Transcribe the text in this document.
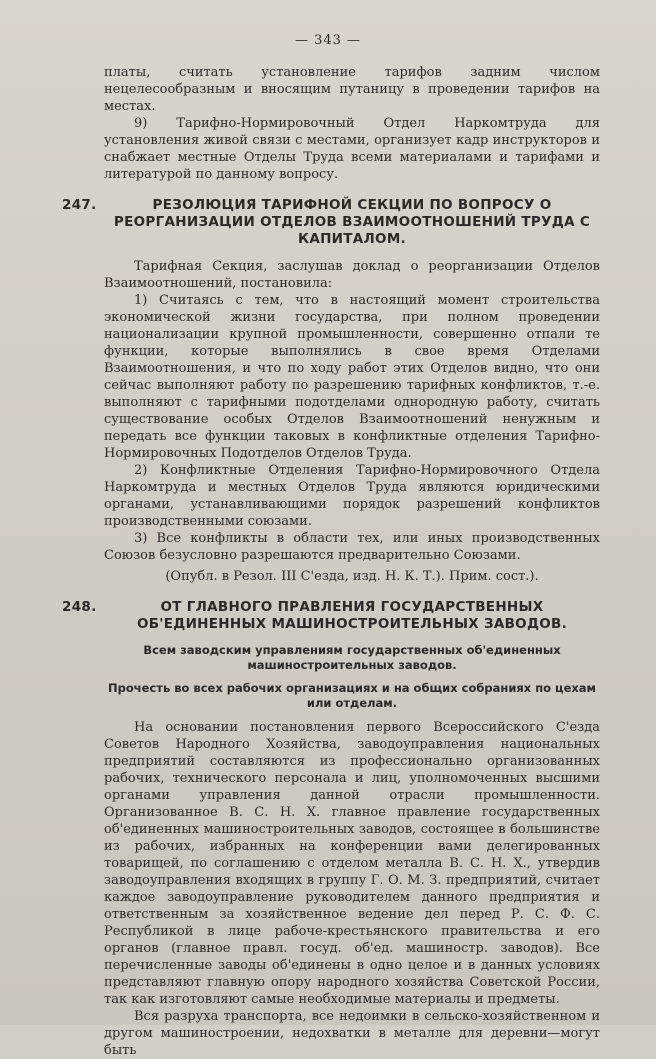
— 343 —

платы, считать установление тарифов задним числом нецелесообразным и вносящим путаницу в проведении тарифов на местах.

9) Тарифно-Нормировочный Отдел Наркомтруда для установления живой связи с местами, организует кадр инструкторов и снабжает местные Отделы Труда всеми материалами и тарифами и литературой по данному вопросу.

247.	РЕЗОЛЮЦИЯ ТАРИФНОЙ СЕКЦИИ ПО ВОПРОСУ О РЕОРГАНИЗАЦИИ ОТДЕЛОВ ВЗАИМООТНОШЕНИЙ ТРУДА С КАПИТАЛОМ.

Тарифная Секция, заслушав доклад о реорганизации Отделов Взаимоотношений, постановила:

1) Считаясь с тем, что в настоящий момент строительства экономической жизни государства, при полном проведении национализации крупной промышленности, совершенно отпали те функции, которые выполнялись в свое время Отделами Взаимоотношения, и что по ходу работ этих Отделов видно, что они сейчас выполняют работу по разрешению тарифных конфликтов, т.-е. выполняют с тарифными подотделами однородную работу, считать существование особых Отделов Взаимоотношений ненужным и передать все функции таковых в конфликтные отделения Тарифно-Нормировочных Подотделов Отделов Труда.

2) Конфликтные Отделения Тарифно-Нормировочного Отдела Наркомтруда и местных Отделов Труда являются юридическими органами, устанавливающими порядок разрешений конфликтов производственными союзами.

3) Все конфликты в области тех, или иных производственных Союзов безусловно разрешаются предварительно Союзами.

(Опубл. в Резол. III С'езда, изд. Н. К. Т.). Прим. сост.).

248.	ОТ ГЛАВНОГО ПРАВЛЕНИЯ ГОСУДАРСТВЕННЫХ ОБ'ЕДИНЕННЫХ МАШИНОСТРОИТЕЛЬНЫХ ЗАВОДОВ.

Всем заводским управлениям государственных об'единенных машиностроительных заводов.

Прочесть во всех рабочих организациях и на общих собраниях по цехам или отделам.

На основании постановления первого Всероссийского С'езда Советов Народного Хозяйства, заводоуправления национальных предприятий составляются из профессионально организованных рабочих, технического персонала и лиц, уполномоченных высшими органами управления данной отрасли промышленности. Организованное В. С. Н. Х. главное правление государственных об'единенных машиностроительных заводов, состоящее в большинстве из рабочих, избранных на конференции вами делегированных товарищей, по соглашению с отделом металла В. С. Н. Х., утвердив заводоуправления входящих в группу Г. О. М. З. предприятий, считает каждое заводоуправление руководителем данного предприятия и ответственным за хозяйственное ведение дел перед Р. С. Ф. С. Республикой в лице рабоче-крестьянского правительства и его органов (главное правл. госуд. об'ед. машиностр. заводов). Все перечисленные заводы об'единены в одно целое и в данных условиях представляют главную опору народного хозяйства Советской России, так как изготовляют самые необходимые материалы и предметы.

Вся разруха транспорта, все недоимки в сельско-хозяйственном и другом машиностроении, недохватки в металле для деревни—могут быть
